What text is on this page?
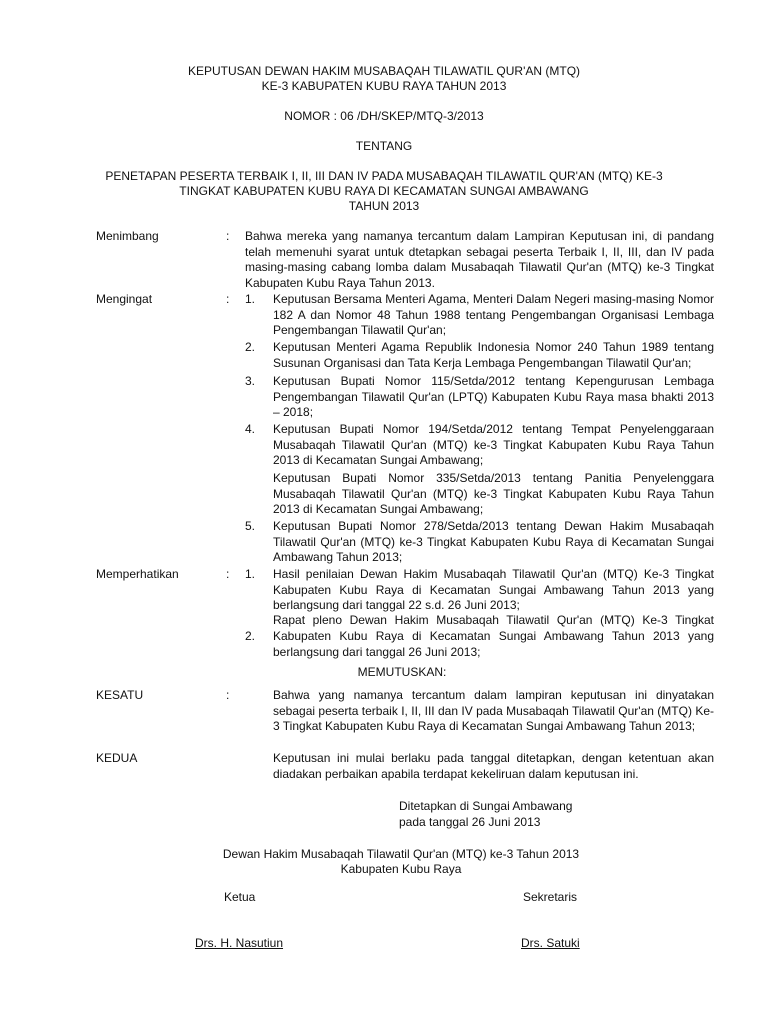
KEPUTUSAN DEWAN HAKIM MUSABAQAH TILAWATIL QUR'AN (MTQ)
KE-3 KABUPATEN KUBU RAYA TAHUN 2013
NOMOR : 06 /DH/SKEP/MTQ-3/2013
TENTANG
PENETAPAN PESERTA TERBAIK I, II, III DAN IV PADA MUSABAQAH TILAWATIL QUR'AN (MTQ) KE-3
TINGKAT KABUPATEN KUBU RAYA DI KECAMATAN SUNGAI AMBAWANG
TAHUN 2013
Menimbang	: Bahwa mereka yang namanya tercantum dalam Lampiran Keputusan ini, di pandang telah memenuhi syarat untuk dtetapkan sebagai peserta Terbaik I, II, III, dan IV pada masing-masing cabang lomba dalam Musabaqah Tilawatil Qur'an (MTQ) ke-3 Tingkat Kabupaten Kubu Raya Tahun 2013.
Mengingat	: 1. Keputusan Bersama Menteri Agama, Menteri Dalam Negeri masing-masing Nomor 182 A dan Nomor 48 Tahun 1988 tentang Pengembangan Organisasi Lembaga Pengembangan Tilawatil Qur'an;
2. Keputusan Menteri Agama Republik Indonesia Nomor 240 Tahun 1989 tentang Susunan Organisasi dan Tata Kerja Lembaga Pengembangan Tilawatil Qur'an;
3. Keputusan Bupati Nomor 115/Setda/2012 tentang Kepengurusan Lembaga Pengembangan Tilawatil Qur'an (LPTQ) Kabupaten Kubu Raya masa bhakti 2013 – 2018;
4. Keputusan Bupati Nomor 194/Setda/2012 tentang Tempat Penyelenggaraan Musabaqah Tilawatil Qur'an (MTQ) ke-3 Tingkat Kabupaten Kubu Raya Tahun 2013 di Kecamatan Sungai Ambawang;
Keputusan Bupati Nomor 335/Setda/2013 tentang Panitia Penyelenggara Musabaqah Tilawatil Qur'an (MTQ) ke-3 Tingkat Kabupaten Kubu Raya Tahun 2013 di Kecamatan Sungai Ambawang;
5. Keputusan Bupati Nomor 278/Setda/2013 tentang Dewan Hakim Musabaqah Tilawatil Qur'an (MTQ) ke-3 Tingkat Kabupaten Kubu Raya di Kecamatan Sungai Ambawang Tahun 2013;
Memperhatikan	: 1. Hasil penilaian Dewan Hakim Musabaqah Tilawatil Qur'an (MTQ) Ke-3 Tingkat Kabupaten Kubu Raya di Kecamatan Sungai Ambawang Tahun 2013 yang berlangsung dari tanggal 22 s.d. 26 Juni 2013;
Rapat pleno Dewan Hakim Musabaqah Tilawatil Qur'an (MTQ) Ke-3 Tingkat
2. Kabupaten Kubu Raya di Kecamatan Sungai Ambawang Tahun 2013 yang berlangsung dari tanggal 26 Juni 2013;
MEMUTUSKAN:
KESATU	:	Bahwa yang namanya tercantum dalam lampiran keputusan ini dinyatakan sebagai peserta terbaik I, II, III dan IV pada Musabaqah Tilawatil Qur'an (MTQ) Ke-3 Tingkat Kabupaten Kubu Raya di Kecamatan Sungai Ambawang Tahun 2013;
KEDUA	Keputusan ini mulai berlaku pada tanggal ditetapkan, dengan ketentuan akan diadakan perbaikan apabila terdapat kekeliruan dalam keputusan ini.
Ditetapkan di Sungai Ambawang
pada tanggal 26 Juni 2013
Dewan Hakim Musabaqah Tilawatil Qur'an (MTQ) ke-3 Tahun 2013
Kabupaten Kubu Raya
Ketua	Sekretaris
Drs. H. Nasutiun	Drs. Satuki
